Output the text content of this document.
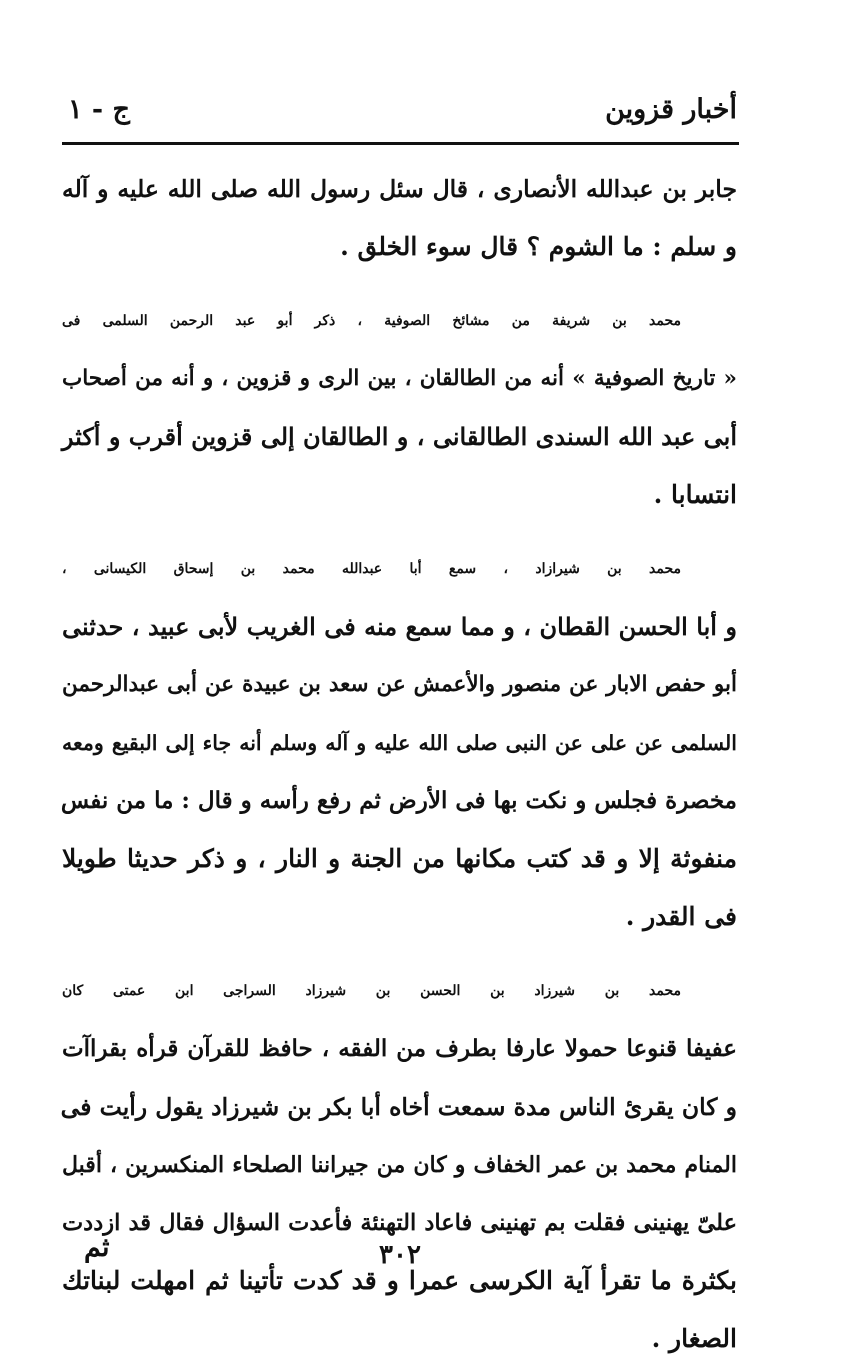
أخبار قزوين
ج - ١
جابر بن عبدالله الأنصارى ، قال سئل رسول الله صلى الله عليه و آله
و سلم : ما الشوم ؟ قال سوء الخلق .
محمد بن شريفة من مشائخ الصوفية ، ذكر أبو عبد الرحمن السلمى فى
« تاريخ الصوفية » أنه من الطالقان ، بين الرى و قزوين ، و أنه من أصحاب
أبى عبد الله السندى الطالقانى ، و الطالقان إلى قزوين أقرب و أكثر
انتسابا .
محمد بن شيرازاد ، سمع أبا عبدالله محمد بن إسحاق الكيسانى ،
و أبا الحسن القطان ، و مما سمع منه فى الغريب لأبى عبيد ، حدثنى
أبو حفص الابار عن منصور والأعمش عن سعد بن عبيدة عن أبى عبدالرحمن
السلمى عن على عن النبى صلى الله عليه و آله وسلم أنه جاء إلى البقيع ومعه
مخصرة فجلس و نكت بها فى الأرض ثم رفع رأسه و قال : ما من نفس
منفوثة إلا و قد كتب مكانها من الجنة و النار ، و ذكر حديثا طويلا
فى القدر .
محمد بن شيرزاد بن الحسن بن شيرزاد السراجى ابن عمتى كان
عفيفا قنوعا حمولا عارفا بطرف من الفقه ، حافظ للقرآن قرأه بقراآت
و كان يقرئ الناس مدة سمعت أخاه أبا بكر بن شيرزاد يقول رأيت فى
المنام محمد بن عمر الخفاف و كان من جيراننا الصلحاء المنكسرين ، أقبل
علىّ يهنينى فقلت بم تهنينى فاعاد التهنئة فأعدت السؤال فقال قد ازددت
بكثرة ما تقرأ آية الكرسى عمرا و قد كدت تأتينا ثم امهلت لبناتك
الصغار .
٣٠٢
ثم
